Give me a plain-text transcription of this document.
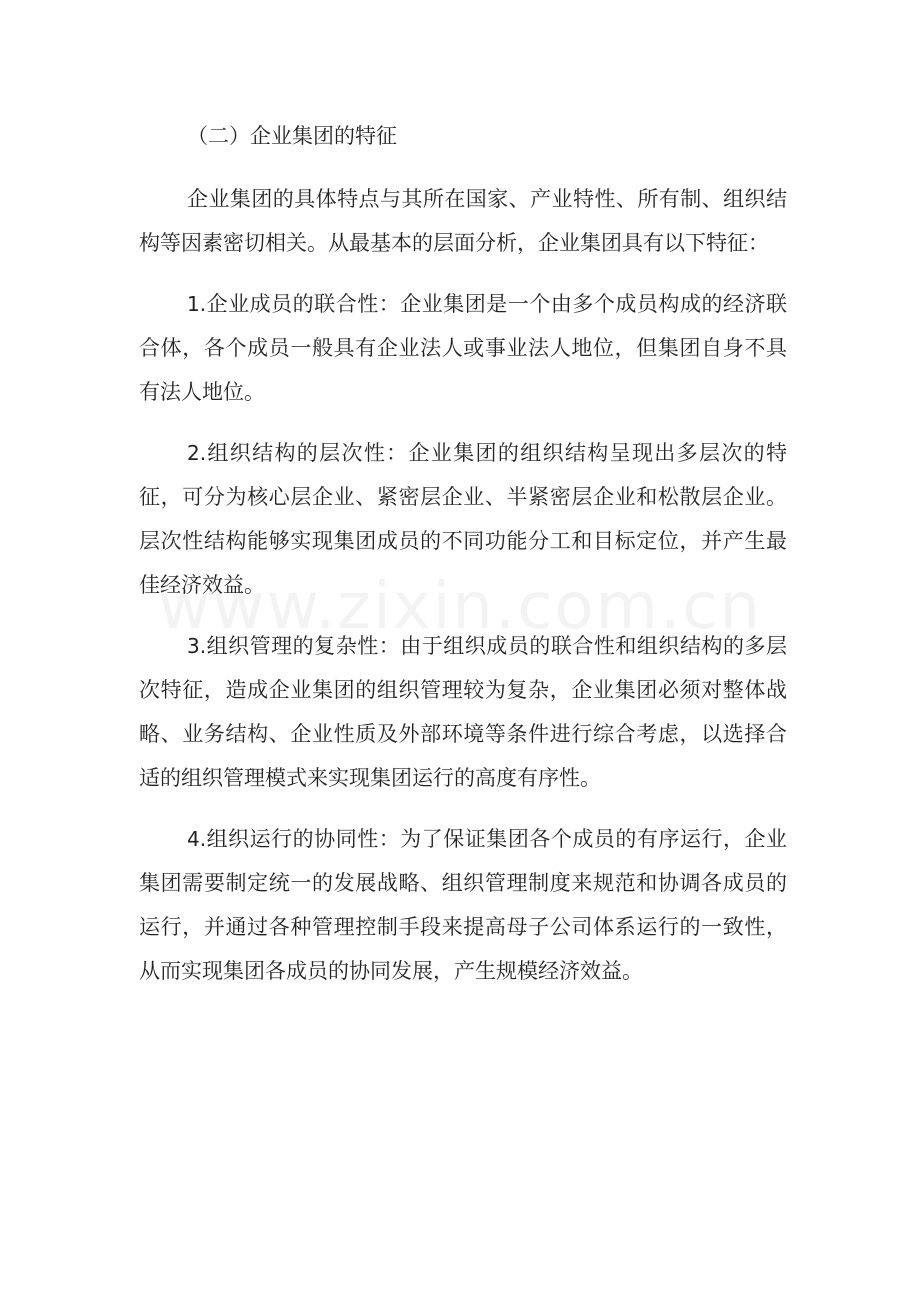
（二）企业集团的特征

企业集团的具体特点与其所在国家、产业特性、所有制、组织结构等因素密切相关。从最基本的层面分析，企业集团具有以下特征：

1.企业成员的联合性：企业集团是一个由多个成员构成的经济联合体，各个成员一般具有企业法人或事业法人地位，但集团自身不具有法人地位。

2.组织结构的层次性：企业集团的组织结构呈现出多层次的特征，可分为核心层企业、紧密层企业、半紧密层企业和松散层企业。层次性结构能够实现集团成员的不同功能分工和目标定位，并产生最佳经济效益。

3.组织管理的复杂性：由于组织成员的联合性和组织结构的多层次特征，造成企业集团的组织管理较为复杂，企业集团必须对整体战略、业务结构、企业性质及外部环境等条件进行综合考虑，以选择合适的组织管理模式来实现集团运行的高度有序性。

4.组织运行的协同性：为了保证集团各个成员的有序运行，企业集团需要制定统一的发展战略、组织管理制度来规范和协调各成员的运行，并通过各种管理控制手段来提高母子公司体系运行的一致性，从而实现集团各成员的协同发展，产生规模经济效益。
